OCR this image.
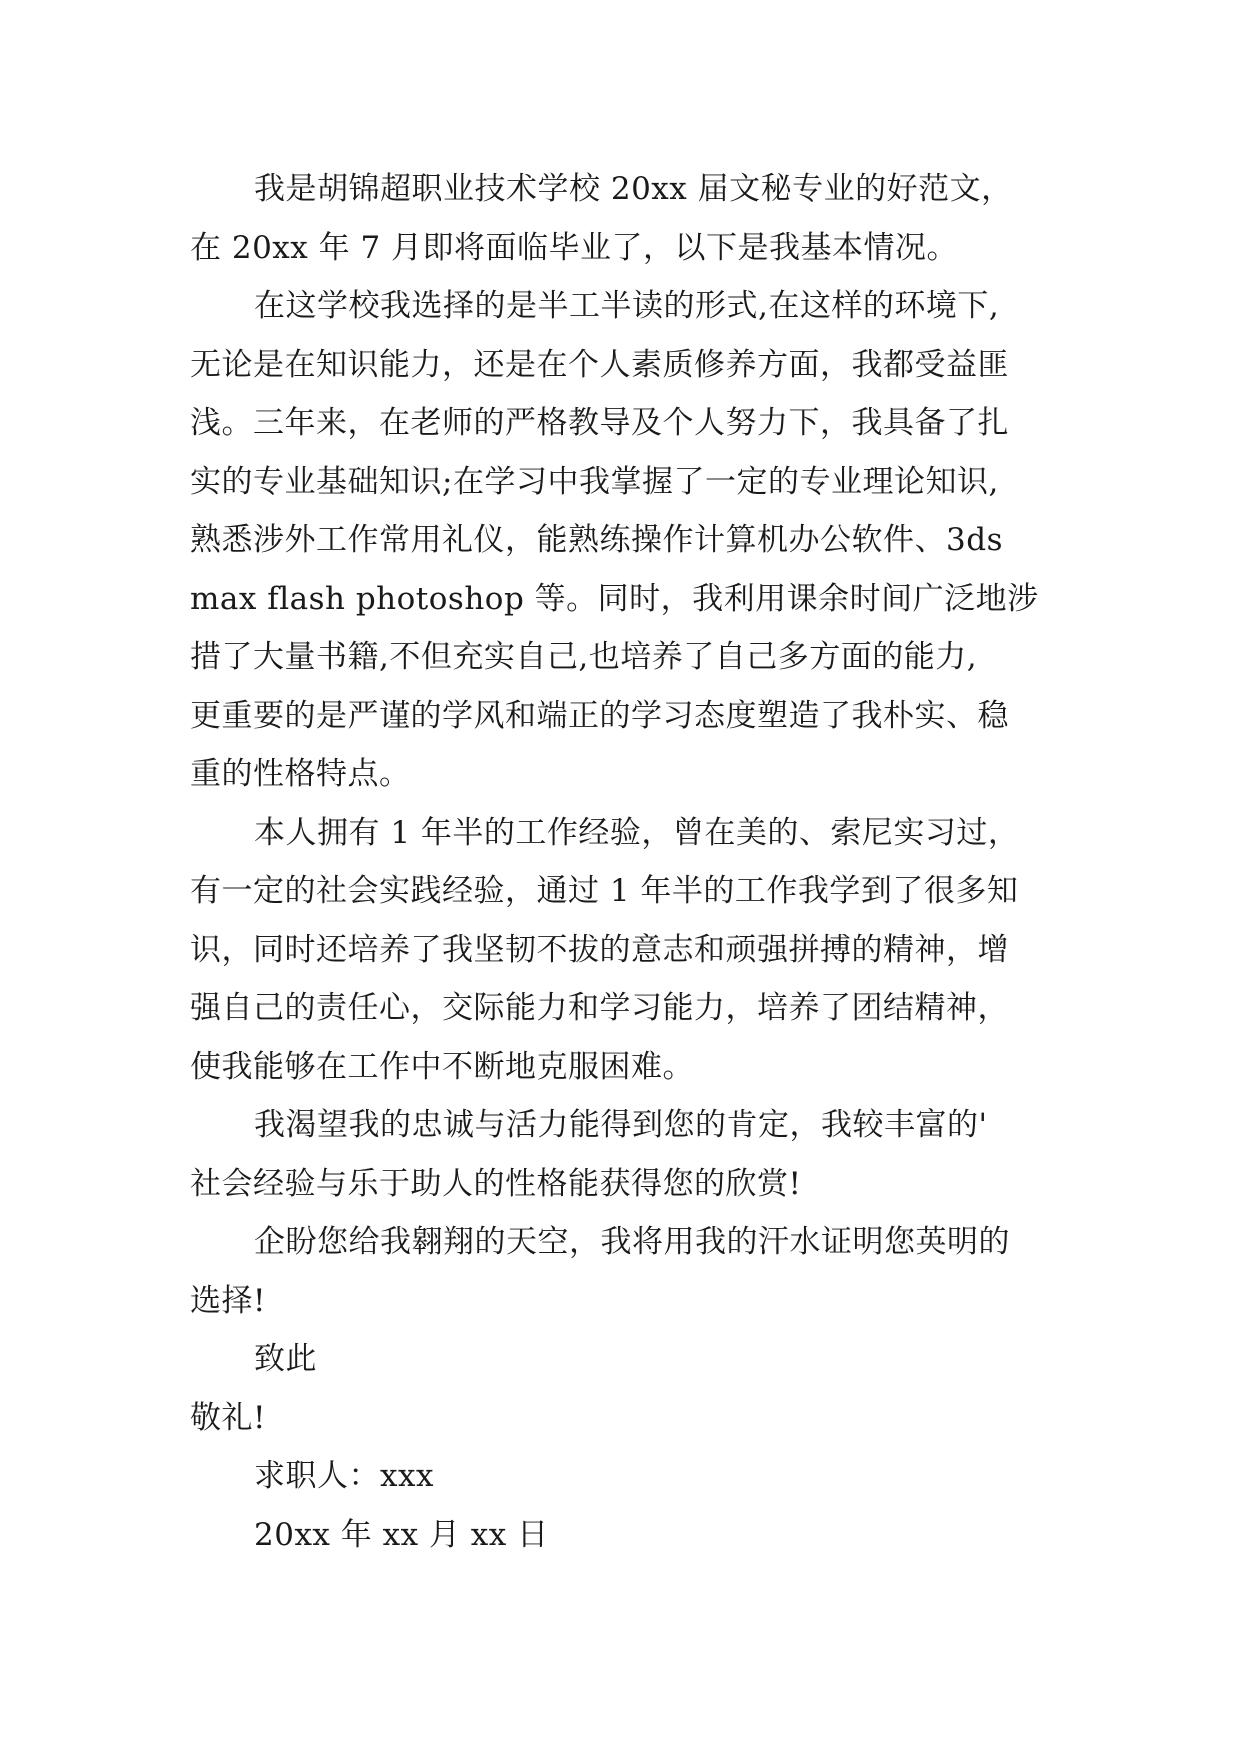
我是胡锦超职业技术学校 20xx 届文秘专业的好范文，
在 20xx 年 7 月即将面临毕业了，以下是我基本情况。
在这学校我选择的是半工半读的形式,在这样的环境下,
无论是在知识能力，还是在个人素质修养方面，我都受益匪
浅。三年来，在老师的严格教导及个人努力下，我具备了扎
实的专业基础知识;在学习中我掌握了一定的专业理论知识,
熟悉涉外工作常用礼仪，能熟练操作计算机办公软件、3ds
max flash photoshop 等。同时，我利用课余时间广泛地涉
措了大量书籍,不但充实自己,也培养了自己多方面的能力,
更重要的是严谨的学风和端正的学习态度塑造了我朴实、稳
重的性格特点。
本人拥有 1 年半的工作经验，曾在美的、索尼实习过，
有一定的社会实践经验，通过 1 年半的工作我学到了很多知
识，同时还培养了我坚韧不拔的意志和顽强拼搏的精神，增
强自己的责任心，交际能力和学习能力，培养了团结精神，
使我能够在工作中不断地克服困难。
我渴望我的忠诚与活力能得到您的肯定，我较丰富的'
社会经验与乐于助人的性格能获得您的欣赏!
企盼您给我翱翔的天空，我将用我的汗水证明您英明的
选择!
致此
敬礼!
求职人：xxx
20xx 年 xx 月 xx 日
